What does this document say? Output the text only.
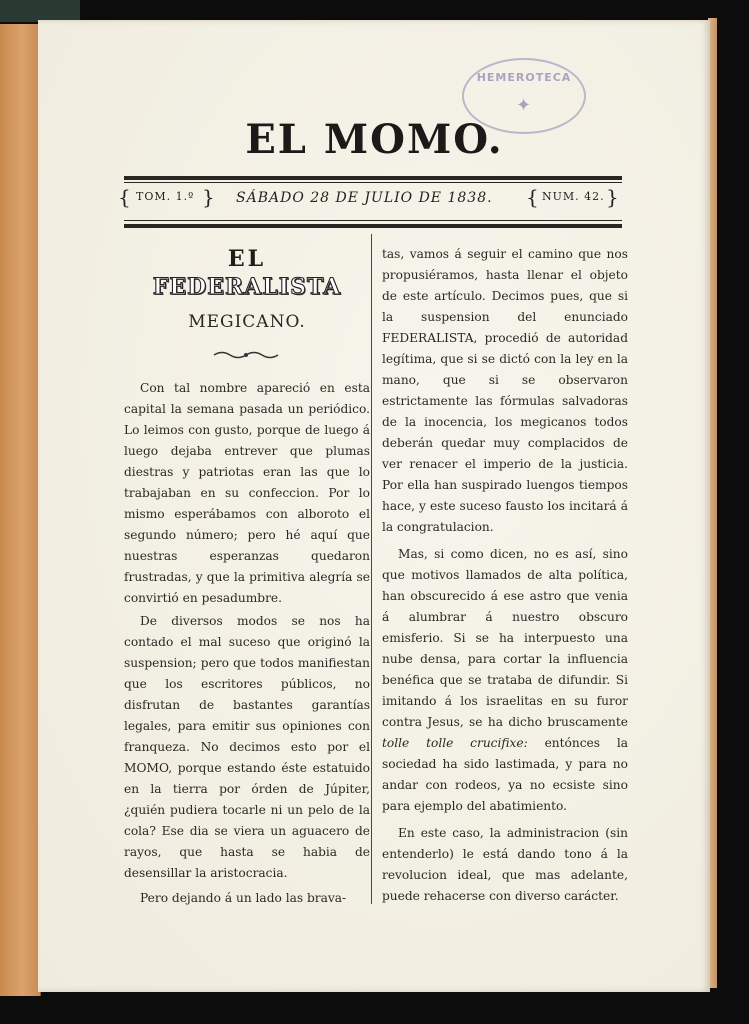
HEMEROTECA
✦
EL MOMO.
{ TOM. 1.º } SÁBADO 28 DE JULIO DE 1838. { NUM. 42. }
EL
FEDERALISTA
MEGICANO.

Con tal nombre apareció en esta capital la semana pasada un periódico. Lo leimos con gusto, porque de luego á luego dejaba entrever que plumas diestras y patriotas eran las que lo trabajaban en su confeccion. Por lo mismo esperábamos con alboroto el segundo número; pero hé aquí que nuestras esperanzas quedaron frustradas, y que la primitiva alegría se convirtió en pesadumbre.

De diversos modos se nos ha contado el mal suceso que originó la suspension; pero que todos manifiestan que los escritores públicos, no disfrutan de bastantes garantías legales, para emitir sus opiniones con franqueza. No decimos esto por el MOMO, porque estando éste estatuido en la tierra por órden de Júpiter, ¿quién pudiera tocarle ni un pelo de la cola? Ese dia se viera un aguacero de rayos, que hasta se habia de desensillar la aristocracia.

Pero dejando á un lado las brava-

tas, vamos á seguir el camino que nos propusiéramos, hasta llenar el objeto de este artículo. Decimos pues, que si la suspension del enunciado FEDERALISTA, procedió de autoridad legítima, que si se dictó con la ley en la mano, que si se observaron estrictamente las fórmulas salvadoras de la inocencia, los megicanos todos deberán quedar muy complacidos de ver renacer el imperio de la justicia. Por ella han suspirado luengos tiempos hace, y este suceso fausto los incitará á la congratulacion.

Mas, si como dicen, no es así, sino que motivos llamados de alta política, han obscurecido á ese astro que venia á alumbrar á nuestro obscuro emisferio. Si se ha interpuesto una nube densa, para cortar la influencia benéfica que se trataba de difundir. Si imitando á los israelitas en su furor contra Jesus, se ha dicho bruscamente tolle tolle crucifixe: entónces la sociedad ha sido lastimada, y para no andar con rodeos, ya no ecsiste sino para ejemplo del abatimiento.

En este caso, la administracion (sin entenderlo) le está dando tono á la revolucion ideal, que mas adelante, puede rehacerse con diverso carácter.
